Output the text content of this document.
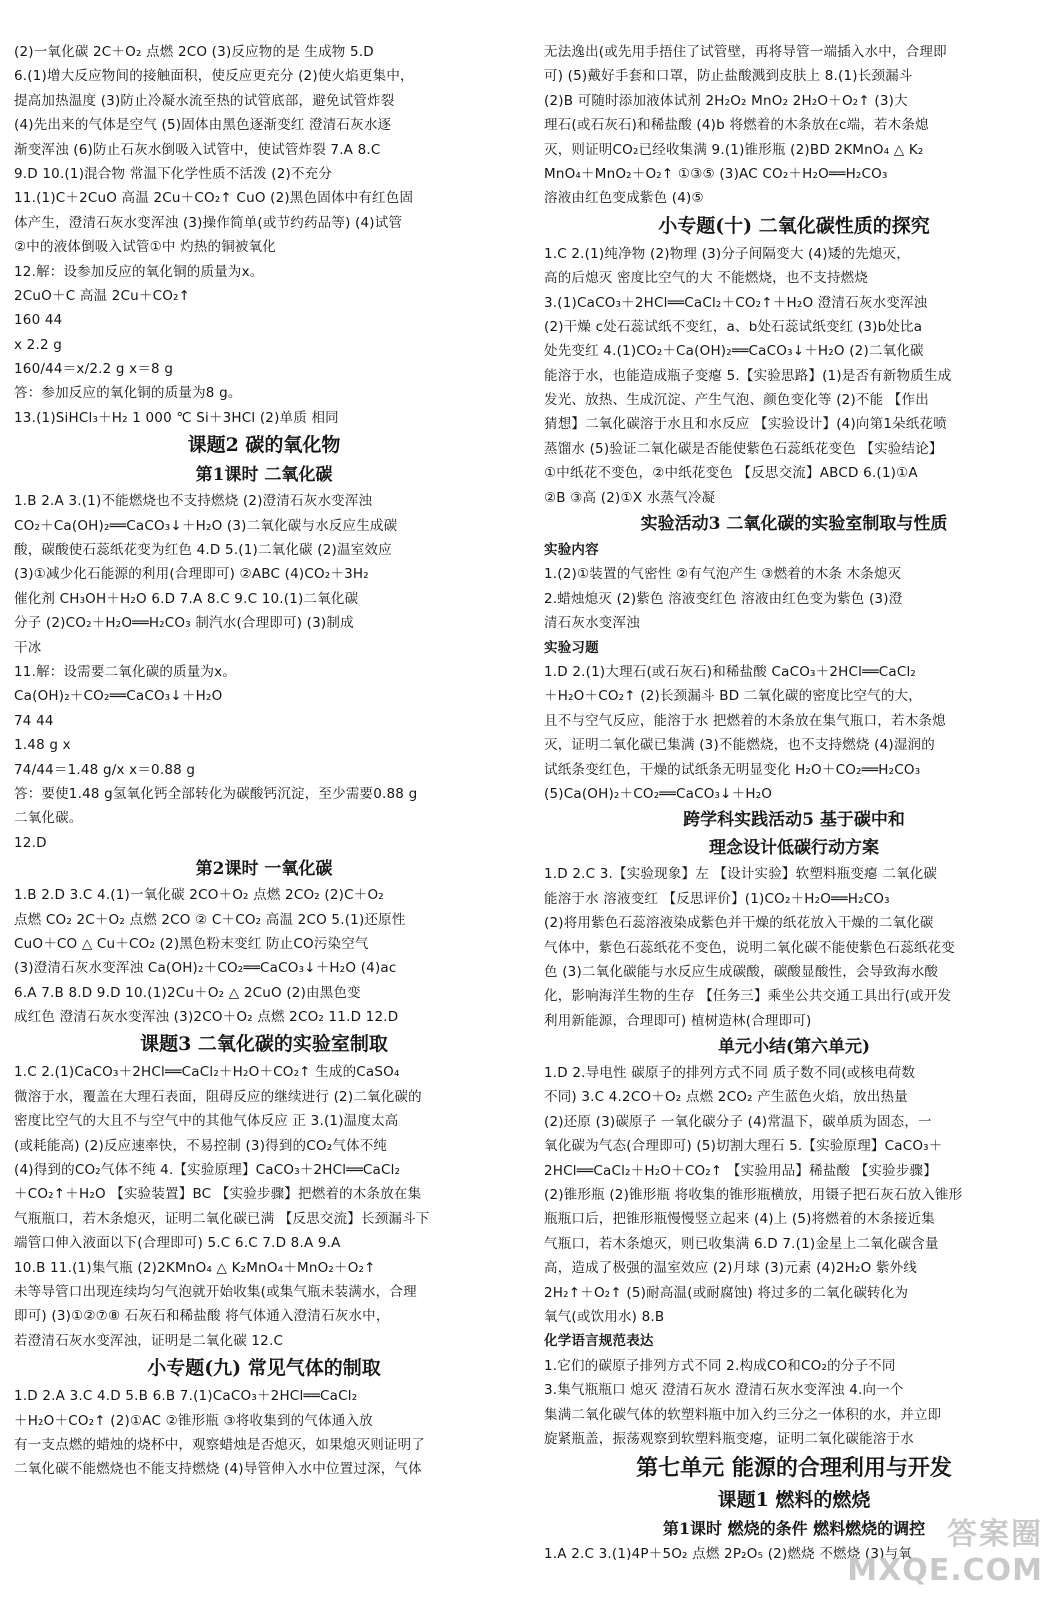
(2)一氧化碳 2C＋O₂ 点燃 2CO (3)反应物的是 生成物 5.D
6.(1)增大反应物间的接触面积，使反应更充分 (2)使火焰更集中，
提高加热温度 (3)防止冷凝水流至热的试管底部，避免试管炸裂
(4)先出来的气体是空气 (5)固体由黑色逐渐变红 澄清石灰水逐
渐变浑浊 (6)防止石灰水倒吸入试管中，使试管炸裂 7.A 8.C
9.D 10.(1)混合物 常温下化学性质不活泼 (2)不充分
11.(1)C＋2CuO 高温 2Cu＋CO₂↑ CuO (2)黑色固体中有红色固
体产生，澄清石灰水变浑浊 (3)操作简单(或节约药品等) (4)试管
②中的液体倒吸入试管①中 灼热的铜被氧化
12.解：设参加反应的氧化铜的质量为x。
2CuO＋C 高温 2Cu＋CO₂↑
160 44
x 2.2 g
160/44＝x/2.2 g x＝8 g
答：参加反应的氧化铜的质量为8 g。
13.(1)SiHCl₃＋H₂ 1 000 ℃ Si＋3HCl (2)单质 相同
课题2 碳的氧化物
第1课时 二氧化碳
1.B 2.A 3.(1)不能燃烧也不支持燃烧 (2)澄清石灰水变浑浊
CO₂＋Ca(OH)₂══CaCO₃↓＋H₂O (3)二氧化碳与水反应生成碳
酸，碳酸使石蕊纸花变为红色 4.D 5.(1)二氧化碳 (2)温室效应
(3)①减少化石能源的利用(合理即可) ②ABC (4)CO₂＋3H₂
催化剂 CH₃OH＋H₂O 6.D 7.A 8.C 9.C 10.(1)二氧化碳
分子 (2)CO₂＋H₂O══H₂CO₃ 制汽水(合理即可) (3)制成
干冰
11.解：设需要二氧化碳的质量为x。
Ca(OH)₂＋CO₂══CaCO₃↓＋H₂O
74 44
1.48 g x
74/44＝1.48 g/x x＝0.88 g
答：要使1.48 g氢氧化钙全部转化为碳酸钙沉淀，至少需要0.88 g
二氧化碳。
12.D
第2课时 一氧化碳
1.B 2.D 3.C 4.(1)一氧化碳 2CO＋O₂ 点燃 2CO₂ (2)C＋O₂
点燃 CO₂ 2C＋O₂ 点燃 2CO ② C＋CO₂ 高温 2CO 5.(1)还原性
CuO＋CO △ Cu＋CO₂ (2)黑色粉末变红 防止CO污染空气
(3)澄清石灰水变浑浊 Ca(OH)₂＋CO₂══CaCO₃↓＋H₂O (4)ac
6.A 7.B 8.D 9.D 10.(1)2Cu＋O₂ △ 2CuO (2)由黑色变
成红色 澄清石灰水变浑浊 (3)2CO＋O₂ 点燃 2CO₂ 11.D 12.D
课题3 二氧化碳的实验室制取
1.C 2.(1)CaCO₃＋2HCl══CaCl₂＋H₂O＋CO₂↑ 生成的CaSO₄
微溶于水，覆盖在大理石表面，阻碍反应的继续进行 (2)二氧化碳的
密度比空气的大且不与空气中的其他气体反应 正 3.(1)温度太高
(或耗能高) (2)反应速率快，不易控制 (3)得到的CO₂气体不纯
(4)得到的CO₂气体不纯 4.【实验原理】CaCO₃＋2HCl══CaCl₂
＋CO₂↑＋H₂O 【实验装置】BC 【实验步骤】把燃着的木条放在集
气瓶瓶口，若木条熄灭，证明二氧化碳已满 【反思交流】长颈漏斗下
端管口伸入液面以下(合理即可) 5.C 6.C 7.D 8.A 9.A
10.B 11.(1)集气瓶 (2)2KMnO₄ △ K₂MnO₄＋MnO₂＋O₂↑
未等导管口出现连续均匀气泡就开始收集(或集气瓶未装满水，合理
即可) (3)①②⑦⑧ 石灰石和稀盐酸 将气体通入澄清石灰水中，
若澄清石灰水变浑浊，证明是二氧化碳 12.C
小专题(九) 常见气体的制取
1.D 2.A 3.C 4.D 5.B 6.B 7.(1)CaCO₃＋2HCl══CaCl₂
＋H₂O＋CO₂↑ (2)①AC ②锥形瓶 ③将收集到的气体通入放
有一支点燃的蜡烛的烧杯中，观察蜡烛是否熄灭，如果熄灭则证明了
二氧化碳不能燃烧也不能支持燃烧 (4)导管伸入水中位置过深，气体
无法逸出(或先用手捂住了试管壁，再将导管一端插入水中，合理即
可) (5)戴好手套和口罩，防止盐酸溅到皮肤上 8.(1)长颈漏斗
(2)B 可随时添加液体试剂 2H₂O₂ MnO₂ 2H₂O＋O₂↑ (3)大
理石(或石灰石)和稀盐酸 (4)b 将燃着的木条放在c端，若木条熄
灭，则证明CO₂已经收集满 9.(1)锥形瓶 (2)BD 2KMnO₄ △ K₂
MnO₄＋MnO₂＋O₂↑ ①③⑤ (3)AC CO₂＋H₂O══H₂CO₃
溶液由红色变成紫色 (4)⑤
小专题(十) 二氧化碳性质的探究
1.C 2.(1)纯净物 (2)物理 (3)分子间隔变大 (4)矮的先熄灭，
高的后熄灭 密度比空气的大 不能燃烧，也不支持燃烧
3.(1)CaCO₃＋2HCl══CaCl₂＋CO₂↑＋H₂O 澄清石灰水变浑浊
(2)干燥 c处石蕊试纸不变红，a、b处石蕊试纸变红 (3)b处比a
处先变红 4.(1)CO₂＋Ca(OH)₂══CaCO₃↓＋H₂O (2)二氧化碳
能溶于水，也能造成瓶子变瘪 5.【实验思路】(1)是否有新物质生成
发光、放热、生成沉淀、产生气泡、颜色变化等 (2)不能 【作出
猜想】二氧化碳溶于水且和水反应 【实验设计】(4)向第1朵纸花喷
蒸馏水 (5)验证二氧化碳是否能使紫色石蕊纸花变色 【实验结论】
①中纸花不变色，②中纸花变色 【反思交流】ABCD 6.(1)①A
②B ③高 (2)①X 水蒸气冷凝
实验活动3 二氧化碳的实验室制取与性质
实验内容
1.(2)①装置的气密性 ②有气泡产生 ③燃着的木条 木条熄灭
2.蜡烛熄灭 (2)紫色 溶液变红色 溶液由红色变为紫色 (3)澄
清石灰水变浑浊
实验习题
1.D 2.(1)大理石(或石灰石)和稀盐酸 CaCO₃＋2HCl══CaCl₂
＋H₂O＋CO₂↑ (2)长颈漏斗 BD 二氧化碳的密度比空气的大，
且不与空气反应，能溶于水 把燃着的木条放在集气瓶口，若木条熄
灭，证明二氧化碳已集满 (3)不能燃烧，也不支持燃烧 (4)湿润的
试纸条变红色，干燥的试纸条无明显变化 H₂O＋CO₂══H₂CO₃
(5)Ca(OH)₂＋CO₂══CaCO₃↓＋H₂O
跨学科实践活动5 基于碳中和
理念设计低碳行动方案
1.D 2.C 3.【实验现象】左 【设计实验】软塑料瓶变瘪 二氧化碳
能溶于水 溶液变红 【反思评价】(1)CO₂＋H₂O══H₂CO₃
(2)将用紫色石蕊溶液染成紫色并干燥的纸花放入干燥的二氧化碳
气体中，紫色石蕊纸花不变色，说明二氧化碳不能使紫色石蕊纸花变
色 (3)二氧化碳能与水反应生成碳酸，碳酸显酸性，会导致海水酸
化，影响海洋生物的生存 【任务三】乘坐公共交通工具出行(或开发
利用新能源，合理即可) 植树造林(合理即可)
单元小结(第六单元)
1.D 2.导电性 碳原子的排列方式不同 质子数不同(或核电荷数
不同) 3.C 4.2CO＋O₂ 点燃 2CO₂ 产生蓝色火焰，放出热量
(2)还原 (3)碳原子 一氧化碳分子 (4)常温下，碳单质为固态，一
氧化碳为气态(合理即可) (5)切割大理石 5.【实验原理】CaCO₃＋
2HCl══CaCl₂＋H₂O＋CO₂↑ 【实验用品】稀盐酸 【实验步骤】
(2)锥形瓶 (2)锥形瓶 将收集的锥形瓶横放，用镊子把石灰石放入锥形
瓶瓶口后，把锥形瓶慢慢竖立起来 (4)上 (5)将燃着的木条接近集
气瓶口，若木条熄灭，则已收集满 6.D 7.(1)金星上二氧化碳含量
高，造成了极强的温室效应 (2)月球 (3)元素 (4)2H₂O 紫外线
2H₂↑＋O₂↑ (5)耐高温(或耐腐蚀) 将过多的二氧化碳转化为
氧气(或饮用水) 8.B
化学语言规范表达
1.它们的碳原子排列方式不同 2.构成CO和CO₂的分子不同
3.集气瓶瓶口 熄灭 澄清石灰水 澄清石灰水变浑浊 4.向一个
集满二氧化碳气体的软塑料瓶中加入约三分之一体积的水，并立即
旋紧瓶盖，振荡观察到软塑料瓶变瘪，证明二氧化碳能溶于水
第七单元 能源的合理利用与开发
课题1 燃料的燃烧
第1课时 燃烧的条件 燃料燃烧的调控
1.A 2.C 3.(1)4P＋5O₂ 点燃 2P₂O₅ (2)燃烧 不燃烧 (3)与氧
答案圈
MXQE.COM
